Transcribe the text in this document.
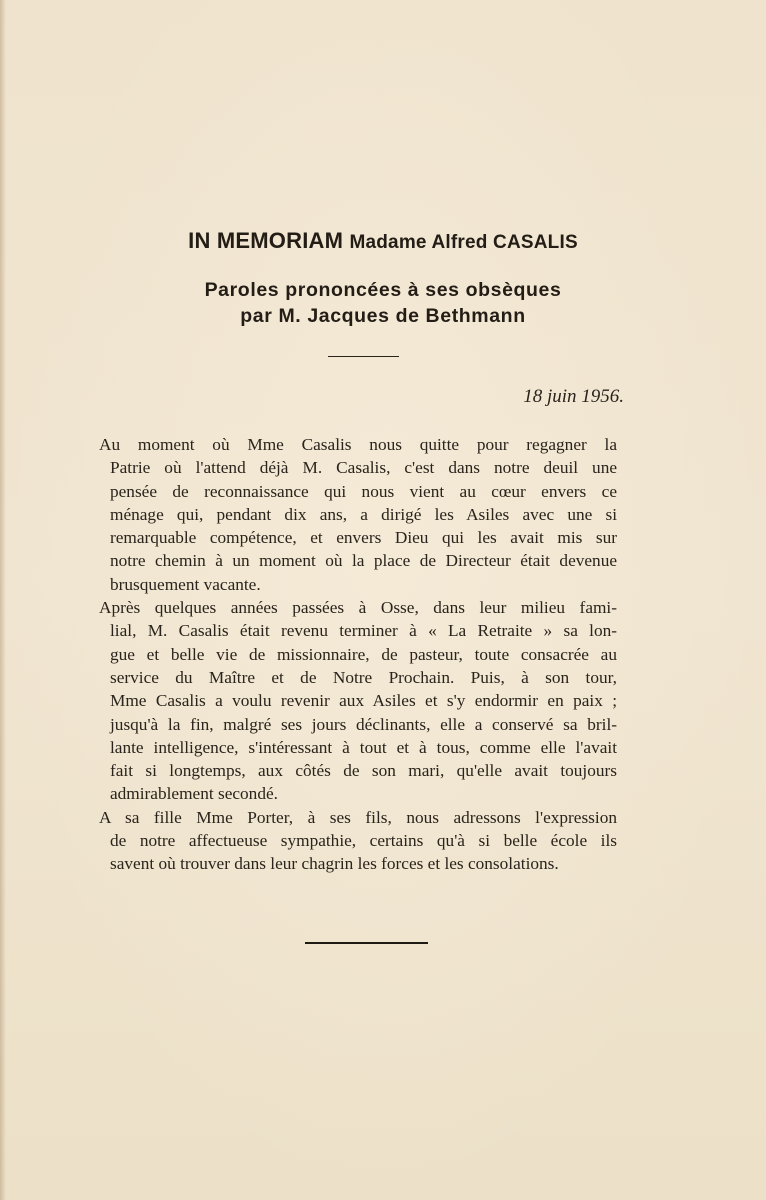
IN MEMORIAM Madame Alfred CASALIS
Paroles prononcées à ses obsèques
par M. Jacques de Bethmann
18 juin 1956.
Au moment où Mme Casalis nous quitte pour regagner la
Patrie où l'attend déjà M. Casalis, c'est dans notre deuil une
pensée de reconnaissance qui nous vient au cœur envers ce
ménage qui, pendant dix ans, a dirigé les Asiles avec une si
remarquable compétence, et envers Dieu qui les avait mis sur
notre chemin à un moment où la place de Directeur était devenue
brusquement vacante.
Après quelques années passées à Osse, dans leur milieu fami-
lial, M. Casalis était revenu terminer à « La Retraite » sa lon-
gue et belle vie de missionnaire, de pasteur, toute consacrée au
service du Maître et de Notre Prochain. Puis, à son tour,
Mme Casalis a voulu revenir aux Asiles et s'y endormir en paix ;
jusqu'à la fin, malgré ses jours déclinants, elle a conservé sa bril-
lante intelligence, s'intéressant à tout et à tous, comme elle l'avait
fait si longtemps, aux côtés de son mari, qu'elle avait toujours
admirablement secondé.
A sa fille Mme Porter, à ses fils, nous adressons l'expression
de notre affectueuse sympathie, certains qu'à si belle école ils
savent où trouver dans leur chagrin les forces et les consolations.
